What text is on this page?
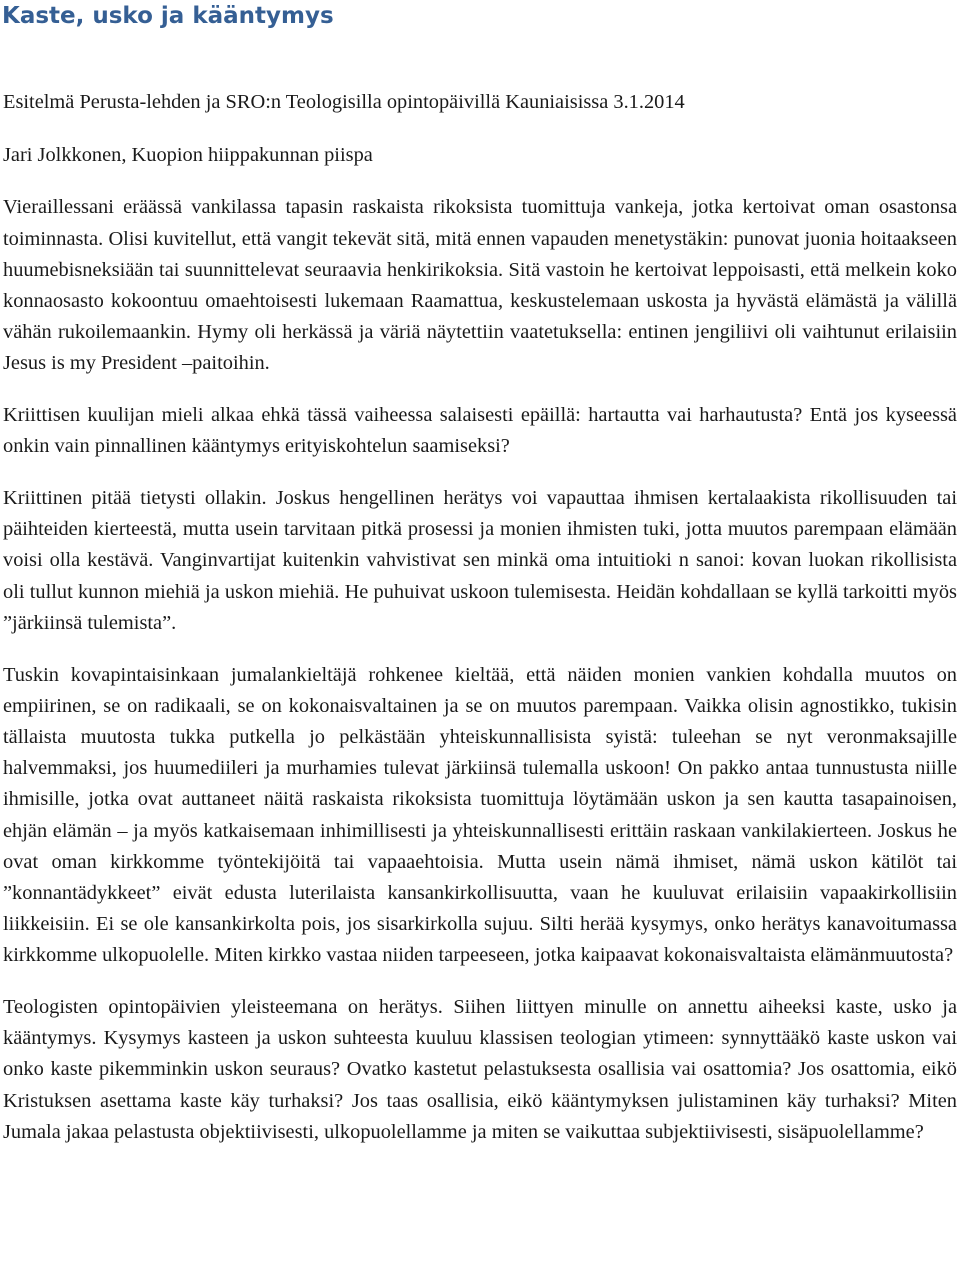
Kaste, usko ja kääntymys

Esitelmä Perusta-lehden ja SRO:n Teologisilla opintopäivillä Kauniaisissa 3.1.2014

Jari Jolkkonen, Kuopion hiippakunnan piispa

Vieraillessani eräässä vankilassa tapasin raskaista rikoksista tuomittuja vankeja, jotka kertoivat oman osastonsa toiminnasta. Olisi kuvitellut, että vangit tekevät sitä, mitä ennen vapauden menetystäkin: punovat juonia hoitaakseen huumebisneksiään tai suunnittelevat seuraavia henkirikoksia. Sitä vastoin he kertoivat leppoisasti, että melkein koko konnaosasto kokoontuu omaehtoisesti lukemaan Raamattua, keskustelemaan uskosta ja hyvästä elämästä ja välillä vähän rukoilemaankin. Hymy oli herkässä ja väriä näytettiin vaatetuksella: entinen jengiliivi oli vaihtunut erilaisiin Jesus is my President –paitoihin.

Kriittisen kuulijan mieli alkaa ehkä tässä vaiheessa salaisesti epäillä: hartautta vai harhautusta? Entä jos kyseessä onkin vain pinnallinen kääntymys erityiskohtelun saamiseksi?

Kriittinen pitää tietysti ollakin. Joskus hengellinen herätys voi vapauttaa ihmisen kertalaakista rikollisuuden tai päihteiden kierteestä, mutta usein tarvitaan pitkä prosessi ja monien ihmisten tuki, jotta muutos parempaan elämään voisi olla kestävä. Vanginvartijat kuitenkin vahvistivat sen minkä oma intuitioki n sanoi: kovan luokan rikollisista oli tullut kunnon miehiä ja uskon miehiä. He puhuivat uskoon tulemisesta. Heidän kohdallaan se kyllä tarkoitti myös ”järkiinsä tulemista”.

Tuskin kovapintaisinkaan jumalankieltäjä rohkenee kieltää, että näiden monien vankien kohdalla muutos on empiirinen, se on radikaali, se on kokonaisvaltainen ja se on muutos parempaan. Vaikka olisin agnostikko, tukisin tällaista muutosta tukka putkella jo pelkästään yhteiskunnallisista syistä: tuleehan se nyt veronmaksajille halvemmaksi, jos huumediileri ja murhamies tulevat järkiinsä tulemalla uskoon! On pakko antaa tunnustusta niille ihmisille, jotka ovat auttaneet näitä raskaista rikoksista tuomittuja löytämään uskon ja sen kautta tasapainoisen, ehjän elämän – ja myös katkaisemaan inhimillisesti ja yhteiskunnallisesti erittäin raskaan vankilakierteen. Joskus he ovat oman kirkkomme työntekijöitä tai vapaaehtoisia. Mutta usein nämä ihmiset, nämä uskon kätilöt tai ”konnantädykkeet” eivät edusta luterilaista kansankirkollisuutta, vaan he kuuluvat erilaisiin vapaakirkollisiin liikkeisiin. Ei se ole kansankirkolta pois, jos sisarkirkolla sujuu. Silti herää kysymys, onko herätys kanavoitumassa kirkkomme ulkopuolelle. Miten kirkko vastaa niiden tarpeeseen, jotka kaipaavat kokonaisvaltaista elämänmuutosta?

Teologisten opintopäivien yleisteemana on herätys. Siihen liittyen minulle on annettu aiheeksi kaste, usko ja kääntymys. Kysymys kasteen ja uskon suhteesta kuuluu klassisen teologian ytimeen: synnyttääkö kaste uskon vai onko kaste pikemminkin uskon seuraus? Ovatko kastetut pelastuksesta osallisia vai osattomia? Jos osattomia, eikö Kristuksen asettama kaste käy turhaksi? Jos taas osallisia, eikö kääntymyksen julistaminen käy turhaksi? Miten Jumala jakaa pelastusta objektiivisesti, ulkopuolellamme ja miten se vaikuttaa subjektiivisesti, sisäpuolellamme?
